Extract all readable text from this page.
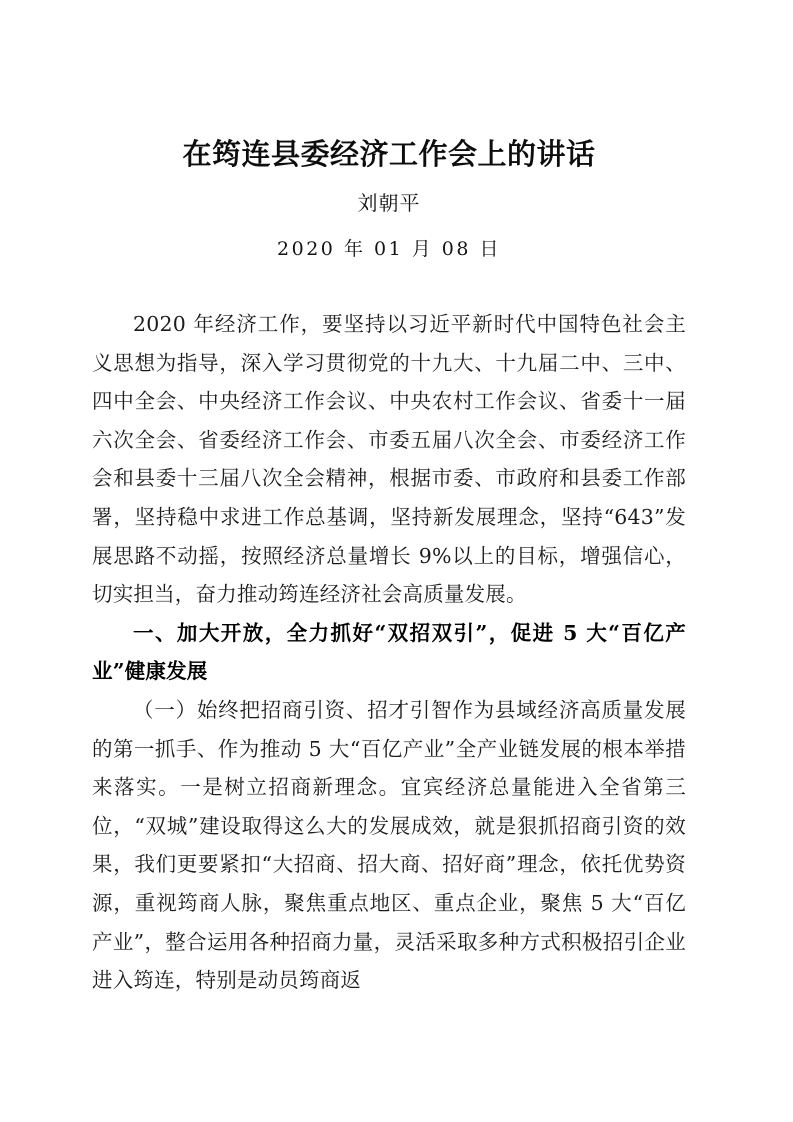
在筠连县委经济工作会上的讲话

刘朝平

2020 年 01 月 08 日

2020 年经济工作，要坚持以习近平新时代中国特色社会主义思想为指导，深入学习贯彻党的十九大、十九届二中、三中、四中全会、中央经济工作会议、中央农村工作会议、省委十一届六次全会、省委经济工作会、市委五届八次全会、市委经济工作会和县委十三届八次全会精神，根据市委、市政府和县委工作部署，坚持稳中求进工作总基调，坚持新发展理念，坚持“643”发展思路不动摇，按照经济总量增长 9%以上的目标，增强信心，切实担当，奋力推动筠连经济社会高质量发展。

一、加大开放，全力抓好“双招双引”，促进 5 大“百亿产业”健康发展

（一）始终把招商引资、招才引智作为县域经济高质量发展的第一抓手、作为推动 5 大“百亿产业”全产业链发展的根本举措来落实。一是树立招商新理念。宜宾经济总量能进入全省第三位，“双城”建设取得这么大的发展成效，就是狠抓招商引资的效果，我们更要紧扣“大招商、招大商、招好商”理念，依托优势资源，重视筠商人脉，聚焦重点地区、重点企业，聚焦 5 大“百亿产业”，整合运用各种招商力量，灵活采取多种方式积极招引企业进入筠连，特别是动员筠商返
